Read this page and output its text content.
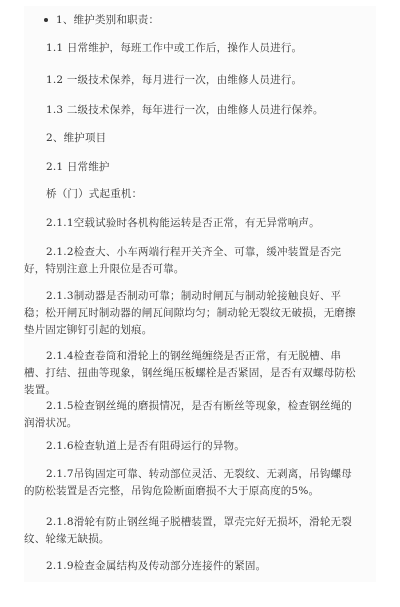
1、维护类别和职责：
1.1 日常维护，每班工作中或工作后，操作人员进行。
1.2 一级技术保养，每月进行一次，由维修人员进行。
1.3 二级技术保养，每年进行一次，由维修人员进行保养。
2、维护项目
2.1 日常维护
桥（门）式起重机：
2.1.1空载试验时各机构能运转是否正常，有无异常响声。
2.1.2检查大、小车两端行程开关齐全、可靠，缓冲装置是否完好，特别注意上升限位是否可靠。
2.1.3制动器是否制动可靠；制动时闸瓦与制动轮接触良好、平稳；松开闸瓦时制动器的闸瓦间隙均匀；制动轮无裂纹无破损，无磨擦垫片固定铆钉引起的划痕。
2.1.4检查卷筒和滑轮上的钢丝绳缠绕是否正常，有无脱槽、串槽、打结、扭曲等现象，钢丝绳压板螺栓是否紧固，是否有双螺母防松装置。
2.1.5检查钢丝绳的磨损情况，是否有断丝等现象，检查钢丝绳的润滑状况。
2.1.6检查轨道上是否有阻碍运行的异物。
2.1.7吊钩固定可靠、转动部位灵活、无裂纹、无剥离，吊钩螺母的防松装置是否完整，吊钩危险断面磨损不大于原高度的5%。
2.1.8滑轮有防止钢丝绳子脱槽装置，罩壳完好无损坏，滑轮无裂纹、轮缘无缺损。
2.1.9检查金属结构及传动部分连接件的紧固。
